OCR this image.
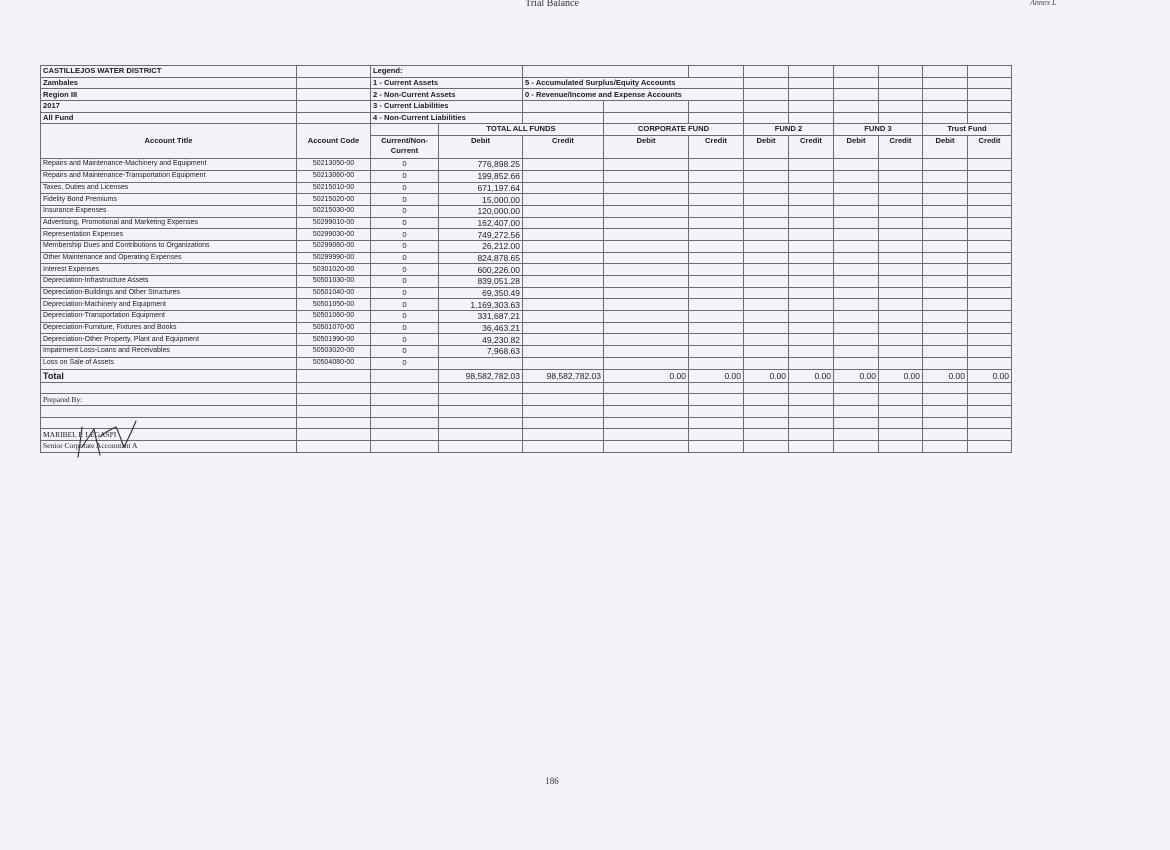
Trial Balance	Annex L
CASTILLEJOS WATER DISTRICT		Legend:										
Zambales		1 - Current Assets		5 - Accumulated Surplus/Equity Accounts								
Region III		2 - Non-Current Assets		0 - Revenue/Income and Expense Accounts								
2017		3 - Current Liabilities										
All Fund		4 - Non-Current Liabilities										
Account Title	Account Code		TOTAL ALL FUNDS		CORPORATE FUND		FUND 2		FUND 3		Trust Fund	
		Current/Non-Current	Debit	Credit	Debit	Credit	Debit	Credit	Debit	Credit	Debit	Credit
Repairs and Maintenance-Machinery and Equipment	50213050-00	0	776,898.25									
Repairs and Maintenance-Transportation Equipment	50213060-00	0	199,852.66									
Taxes, Duties and Licenses	50215010-00	0	671,197.64									
Fidelity Bond Premiums	50215020-00	0	15,000.00									
Insurance Expenses	50215030-00	0	120,000.00									
Advertising, Promotional and Marketing Expenses	50299010-00	0	162,407.00									
Representation Expenses	50299030-00	0	749,272.56									
Membership Dues and Contributions to Organizations	50299060-00	0	26,212.00									
Other Maintenance and Operating Expenses	50299990-00	0	824,878.65									
Interest Expenses	50301020-00	0	600,226.00									
Depreciation-Infrastructure Assets	50501030-00	0	839,051.28									
Depreciation-Buildings and Other Structures	50501040-00	0	69,350.49									
Depreciation-Machinery and Equipment	50501050-00	0	1,169,303.63									
Depreciation-Transportation Equipment	50501060-00	0	331,687.21									
Depreciation-Furniture, Fixtures and Books	50501070-00	0	36,463.21									
Depreciation-Other Property, Plant and Equipment	50501990-00	0	49,230.82									
Impairment Loss-Loans and Receivables	50503020-00	0	7,968.63									
Loss on Sale of Assets	50504080-00	0										
Total			98,582,782.03	98,582,782.03	0.00	0.00	0.00	0.00	0.00	0.00	0.00	0.00

Prepared By:												

MARIBEL P. LEGASPI												
Senior Corporate Accountant A												
186
